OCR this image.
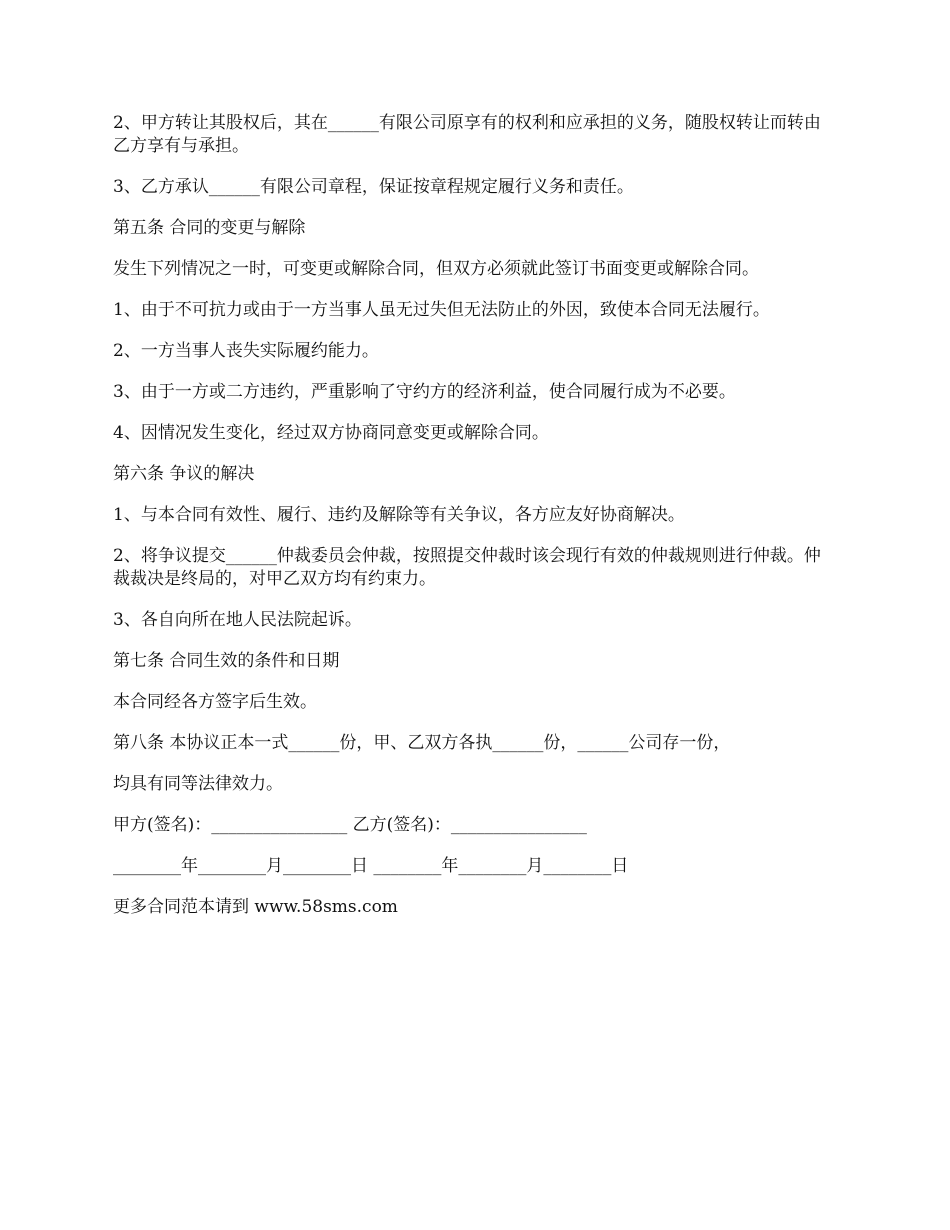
2、甲方转让其股权后，其在______有限公司原享有的权利和应承担的义务，随股权转让而转由乙方享有与承担。

3、乙方承认______有限公司章程，保证按章程规定履行义务和责任。

第五条 合同的变更与解除

发生下列情况之一时，可变更或解除合同，但双方必须就此签订书面变更或解除合同。

1、由于不可抗力或由于一方当事人虽无过失但无法防止的外因，致使本合同无法履行。

2、一方当事人丧失实际履约能力。

3、由于一方或二方违约，严重影响了守约方的经济利益，使合同履行成为不必要。

4、因情况发生变化，经过双方协商同意变更或解除合同。

第六条 争议的解决

1、与本合同有效性、履行、违约及解除等有关争议，各方应友好协商解决。

2、将争议提交______仲裁委员会仲裁，按照提交仲裁时该会现行有效的仲裁规则进行仲裁。仲裁裁决是终局的，对甲乙双方均有约束力。

3、各自向所在地人民法院起诉。

第七条 合同生效的条件和日期

本合同经各方签字后生效。

第八条 本协议正本一式______份，甲、乙双方各执______份，______公司存一份，

均具有同等法律效力。

甲方(签名)：________________ 乙方(签名)：________________

________年________月________日 ________年________月________日

更多合同范本请到 www.58sms.com
